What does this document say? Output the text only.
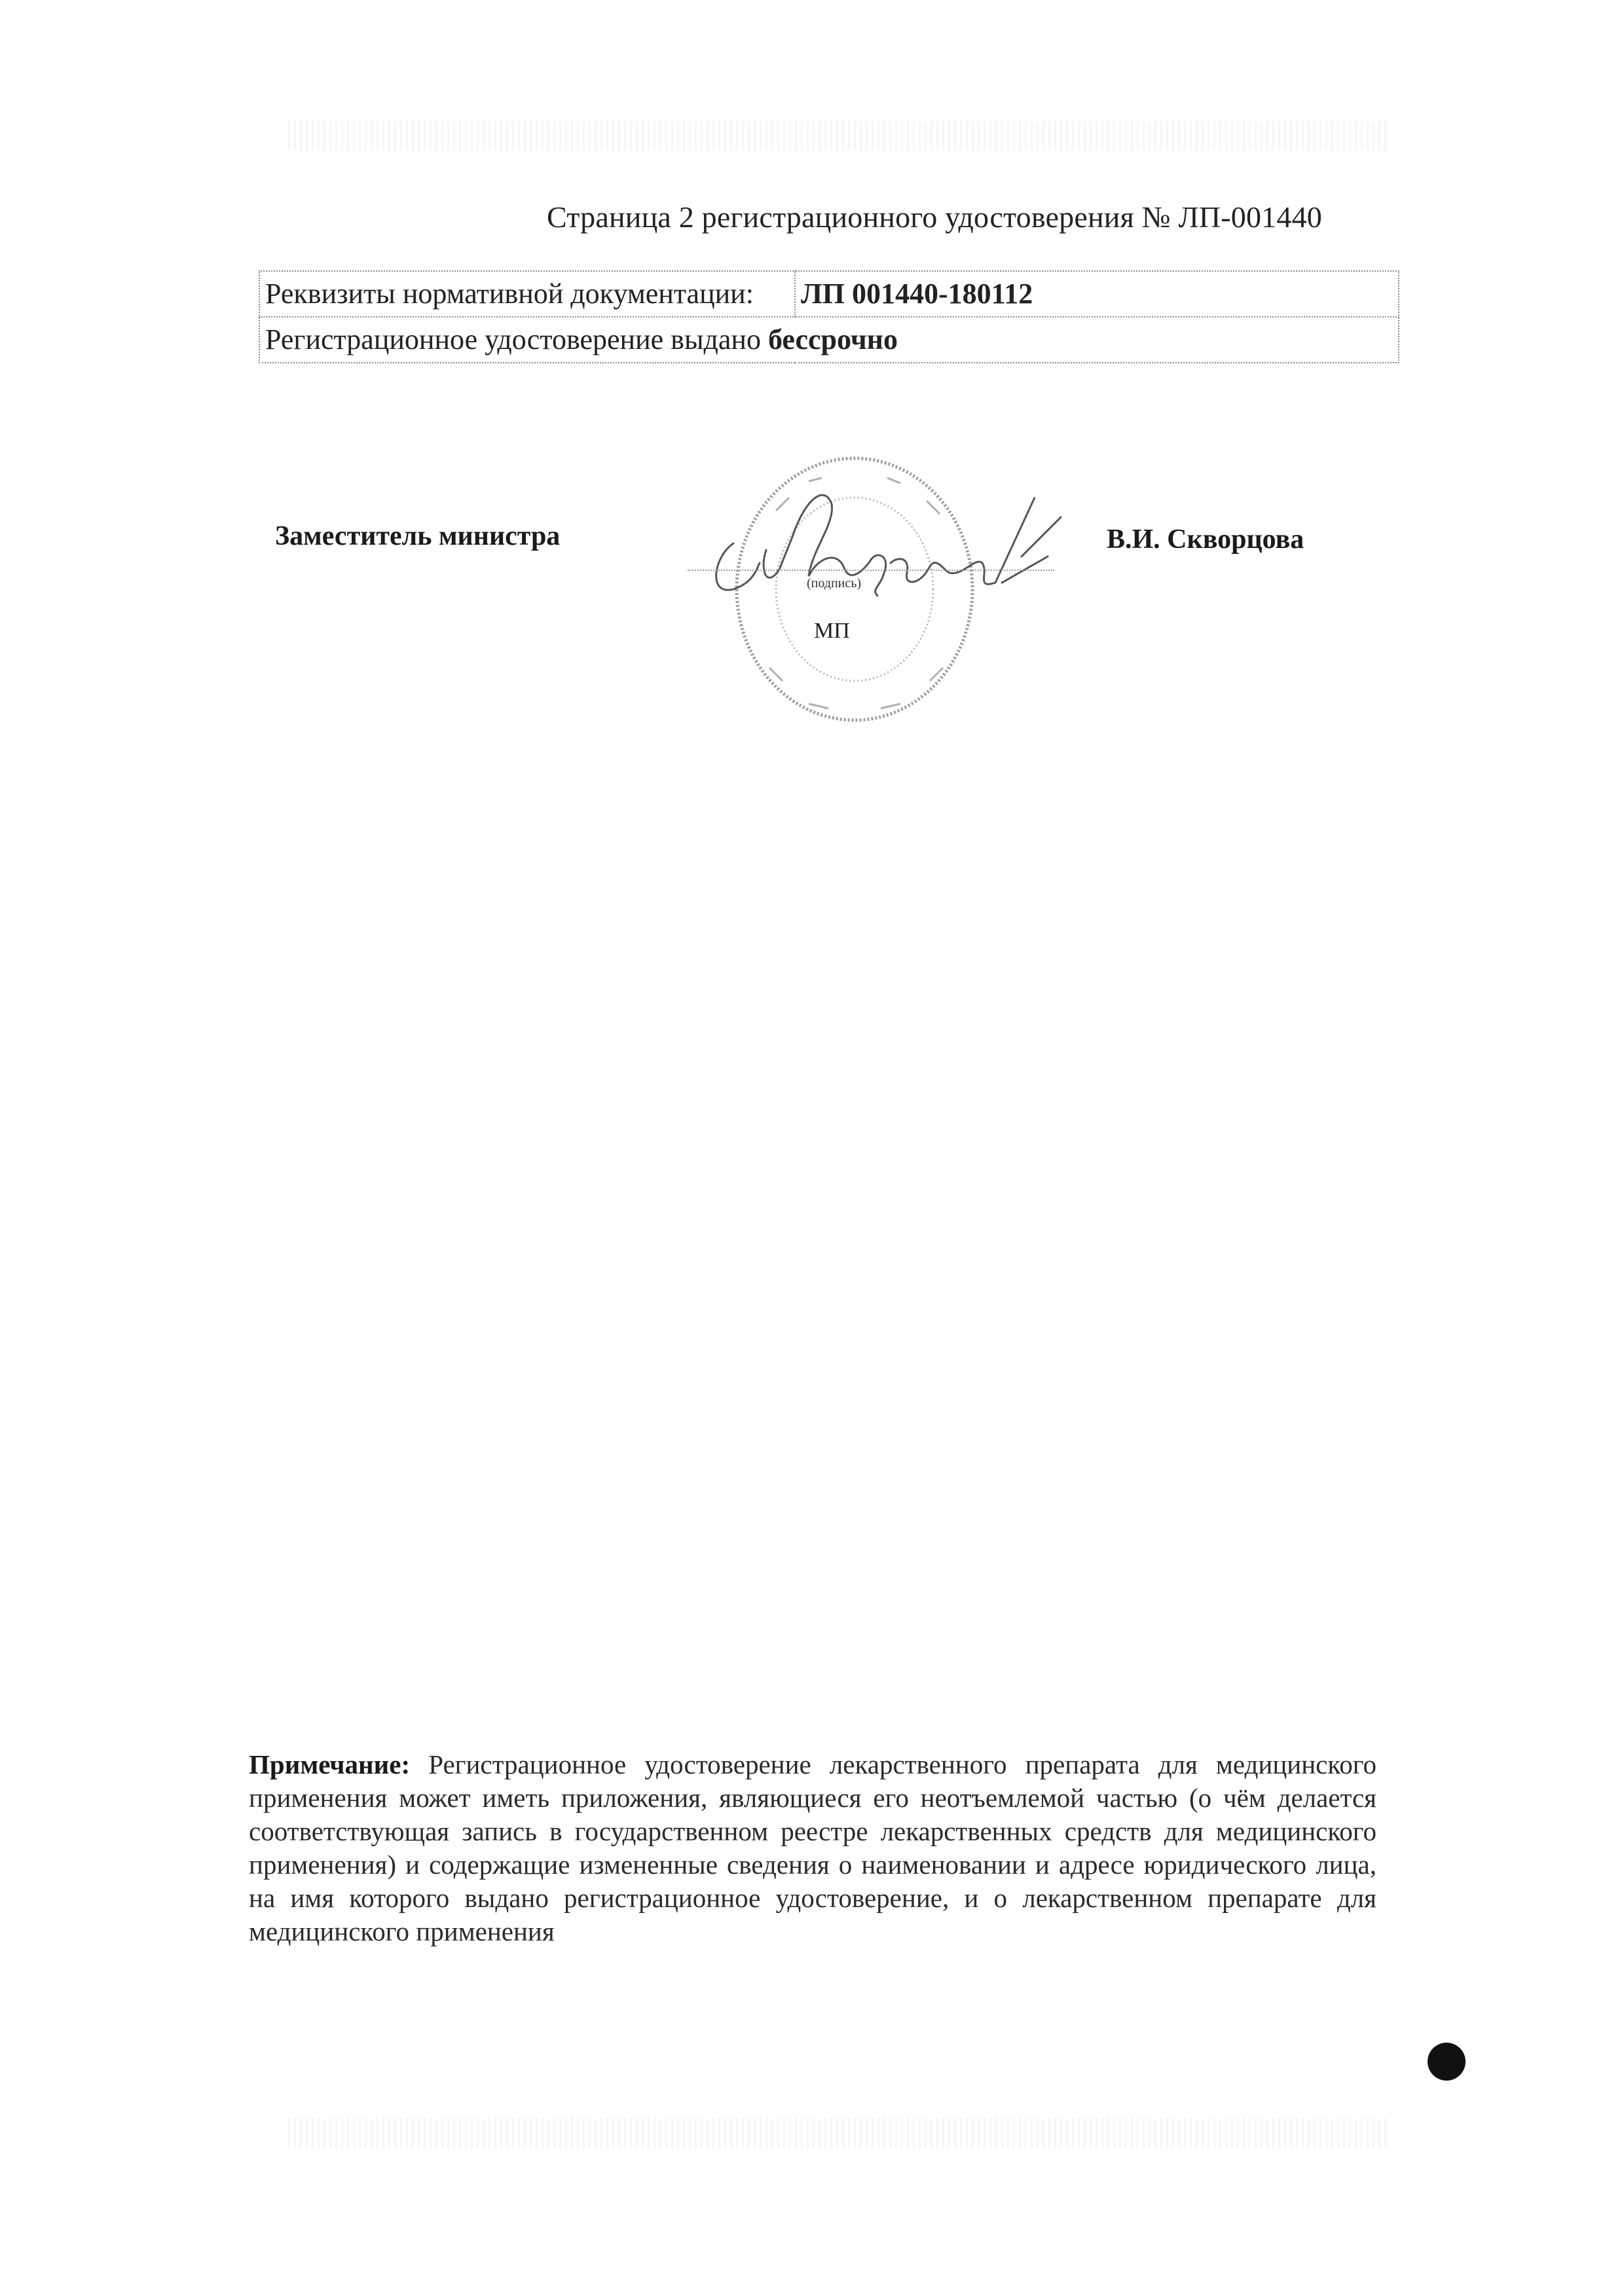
Страница 2 регистрационного удостоверения № ЛП-001440
Реквизиты нормативной документации:	ЛП 001440-180112
Регистрационное удостоверение выдано бессрочно
Заместитель министра
(подпись)
МП
В.И. Скворцова
Примечание: Регистрационное удостоверение лекарственного препарата для медицинского применения может иметь приложения, являющиеся его неотъемлемой частью (о чём делается соответствующая запись в государственном реестре лекарственных средств для медицинского применения) и содержащие измененные сведения о наименовании и адресе юридического лица, на имя которого выдано регистрационное удостоверение, и о лекарственном препарате для медицинского применения
